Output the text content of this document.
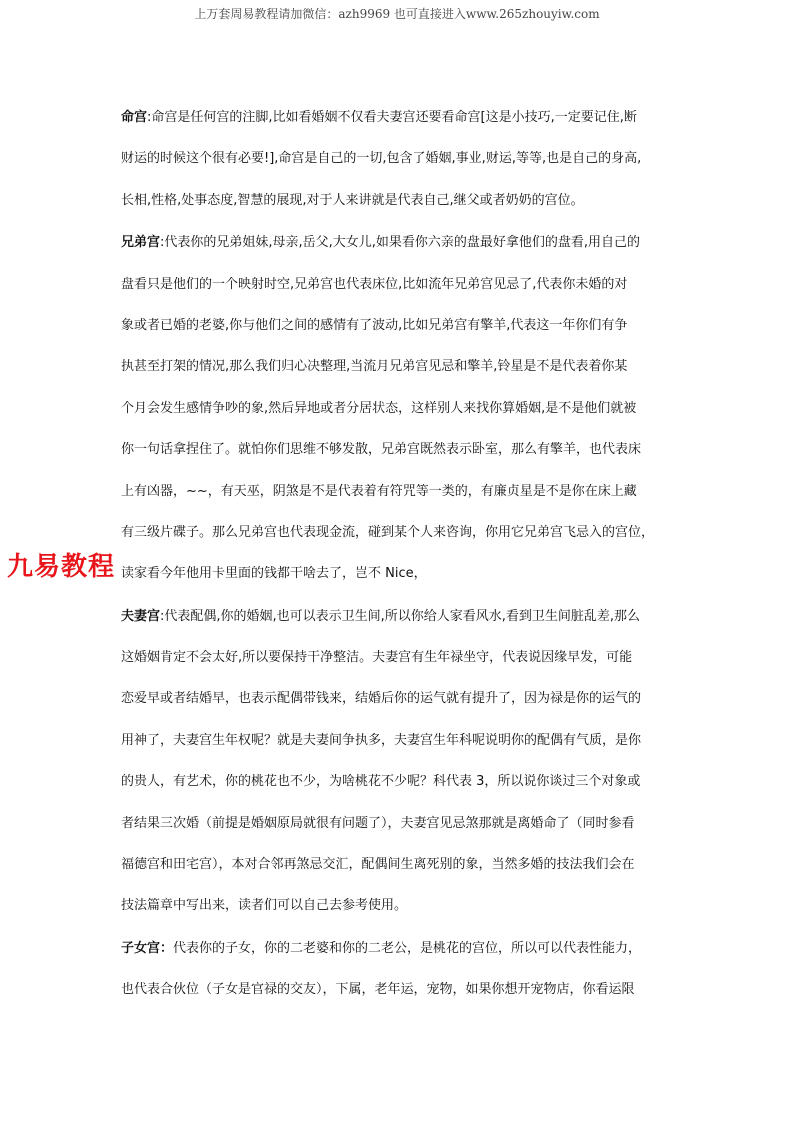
上万套周易教程请加微信：azh9969 也可直接进入www.265zhouyiw.com
命宫:命宫是任何宫的注脚,比如看婚姻不仅看夫妻宫还要看命宫[这是小技巧,一定要记住,断
财运的时候这个很有必要!],命宫是自己的一切,包含了婚姻,事业,财运,等等,也是自己的身高,
长相,性格,处事态度,智慧的展现,对于人来讲就是代表自己,继父或者奶奶的宫位。
兄弟宫:代表你的兄弟姐妹,母亲,岳父,大女儿,如果看你六亲的盘最好拿他们的盘看,用自己的
盘看只是他们的一个映射时空,兄弟宫也代表床位,比如流年兄弟宫见忌了,代表你未婚的对
象或者已婚的老婆,你与他们之间的感情有了波动,比如兄弟宫有擎羊,代表这一年你们有争
执甚至打架的情况,那么我们归心决整理,当流月兄弟宫见忌和擎羊,铃星是不是代表着你某
个月会发生感情争吵的象,然后异地或者分居状态，这样别人来找你算婚姻,是不是他们就被
你一句话拿捏住了。就怕你们思维不够发散，兄弟宫既然表示卧室，那么有擎羊，也代表床
上有凶器，~~，有天巫，阴煞是不是代表着有符咒等一类的，有廉贞星是不是你在床上藏
有三级片碟子。那么兄弟宫也代表现金流，碰到某个人来咨询，你用它兄弟宫飞忌入的宫位，
读家看今年他用卡里面的钱都干啥去了，岂不 Nice，
夫妻宫:代表配偶,你的婚姻,也可以表示卫生间,所以你给人家看风水,看到卫生间脏乱差,那么
这婚姻肯定不会太好,所以要保持干净整洁。夫妻宫有生年禄坐守，代表说因缘早发，可能
恋爱早或者结婚早，也表示配偶带钱来，结婚后你的运气就有提升了，因为禄是你的运气的
用神了，夫妻宫生年权呢？就是夫妻间争执多，夫妻宫生年科呢说明你的配偶有气质，是你
的贵人，有艺术，你的桃花也不少，为啥桃花不少呢？科代表 3，所以说你谈过三个对象或
者结果三次婚（前提是婚姻原局就很有问题了），夫妻宫见忌煞那就是离婚命了（同时参看
福德宫和田宅宫），本对合邻再煞忌交汇，配偶间生离死别的象，当然多婚的技法我们会在
技法篇章中写出来，读者们可以自己去参考使用。
子女宫：代表你的子女，你的二老婆和你的二老公，是桃花的宫位，所以可以代表性能力，
也代表合伙位（子女是官禄的交友），下属，老年运，宠物，如果你想开宠物店，你看运限
九易教程
